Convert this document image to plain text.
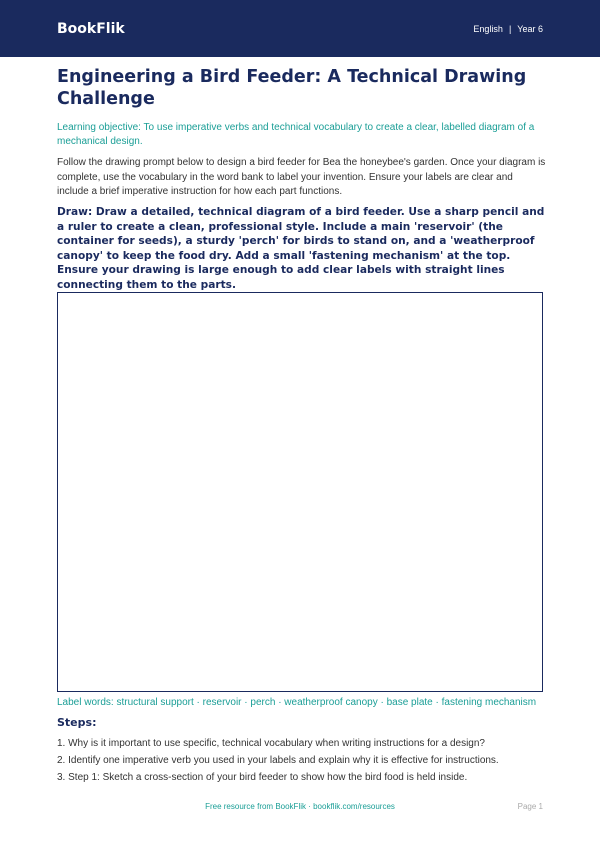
BookFlik	English | Year 6
Engineering a Bird Feeder: A Technical Drawing Challenge

Learning objective: To use imperative verbs and technical vocabulary to create a clear, labelled diagram of a mechanical design.

Follow the drawing prompt below to design a bird feeder for Bea the honeybee's garden. Once your diagram is complete, use the vocabulary in the word bank to label your invention. Ensure your labels are clear and include a brief imperative instruction for how each part functions.

Draw: Draw a detailed, technical diagram of a bird feeder. Use a sharp pencil and a ruler to create a clean, professional style. Include a main 'reservoir' (the container for seeds), a sturdy 'perch' for birds to stand on, and a 'weatherproof canopy' to keep the food dry. Add a small 'fastening mechanism' at the top. Ensure your drawing is large enough to add clear labels with straight lines connecting them to the parts.

Label words: structural support · reservoir · perch · weatherproof canopy · base plate · fastening mechanism

Steps:
1. Why is it important to use specific, technical vocabulary when writing instructions for a design?
2. Identify one imperative verb you used in your labels and explain why it is effective for instructions.
3. Step 1: Sketch a cross-section of your bird feeder to show how the bird food is held inside.
Free resource from BookFlik · bookflik.com/resources	Page 1
